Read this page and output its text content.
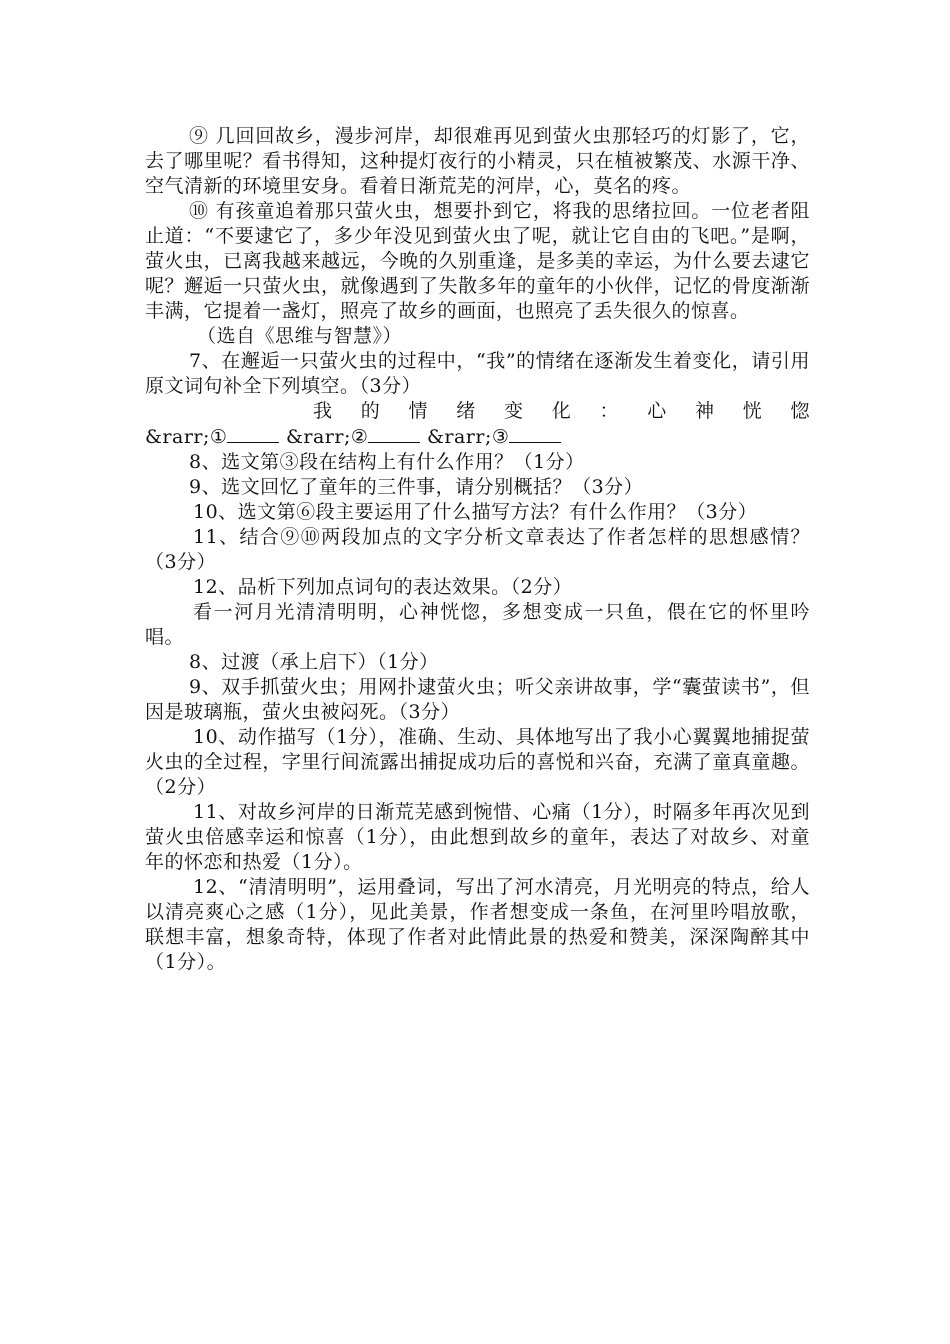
⑨ 几回回故乡，漫步河岸，却很难再见到萤火虫那轻巧的灯影了，它，去了哪里呢？看书得知，这种提灯夜行的小精灵，只在植被繁茂、水源干净、空气清新的环境里安身。看着日渐荒芜的河岸，心，莫名的疼。

⑩ 有孩童追着那只萤火虫，想要扑到它，将我的思绪拉回。一位老者阻止道：“不要逮它了，多少年没见到萤火虫了呢，就让它自由的飞吧。”是啊，萤火虫，已离我越来越远，今晚的久别重逢，是多美的幸运，为什么要去逮它呢？邂逅一只萤火虫，就像遇到了失散多年的童年的小伙伴，记忆的骨度渐渐丰满，它提着一盏灯，照亮了故乡的画面，也照亮了丢失很久的惊喜。

（选自《思维与智慧》）

7、在邂逅一只萤火虫的过程中，“我”的情绪在逐渐发生着变化，请引用原文词句补全下列填空。（3分）

我 的 情 绪 变 化 ： 心 神 恍 惚

&rarr;①	&rarr;②	&rarr;③

8、选文第③段在结构上有什么作用？（1分）

9、选文回忆了童年的三件事，请分别概括？（3分）

10、选文第⑥段主要运用了什么描写方法？有什么作用？（3分）

11、结合⑨⑩两段加点的文字分析文章表达了作者怎样的思想感情？（3分）

12、品析下列加点词句的表达效果。（2分）

看一河月光清清明明，心神恍惚，多想变成一只鱼，偎在它的怀里吟唱。

8、过渡（承上启下）（1分）

9、双手抓萤火虫；用网扑逮萤火虫；听父亲讲故事，学“囊萤读书”，但因是玻璃瓶，萤火虫被闷死。（3分）

10、动作描写（1分），准确、生动、具体地写出了我小心翼翼地捕捉萤火虫的全过程，字里行间流露出捕捉成功后的喜悦和兴奋，充满了童真童趣。（2分）

11、对故乡河岸的日渐荒芜感到惋惜、心痛（1分），时隔多年再次见到萤火虫倍感幸运和惊喜（1分），由此想到故乡的童年，表达了对故乡、对童年的怀恋和热爱（1分）。

12、“清清明明”，运用叠词，写出了河水清亮，月光明亮的特点，给人以清亮爽心之感（1分），见此美景，作者想变成一条鱼，在河里吟唱放歌，联想丰富，想象奇特，体现了作者对此情此景的热爱和赞美，深深陶醉其中（1分）。
